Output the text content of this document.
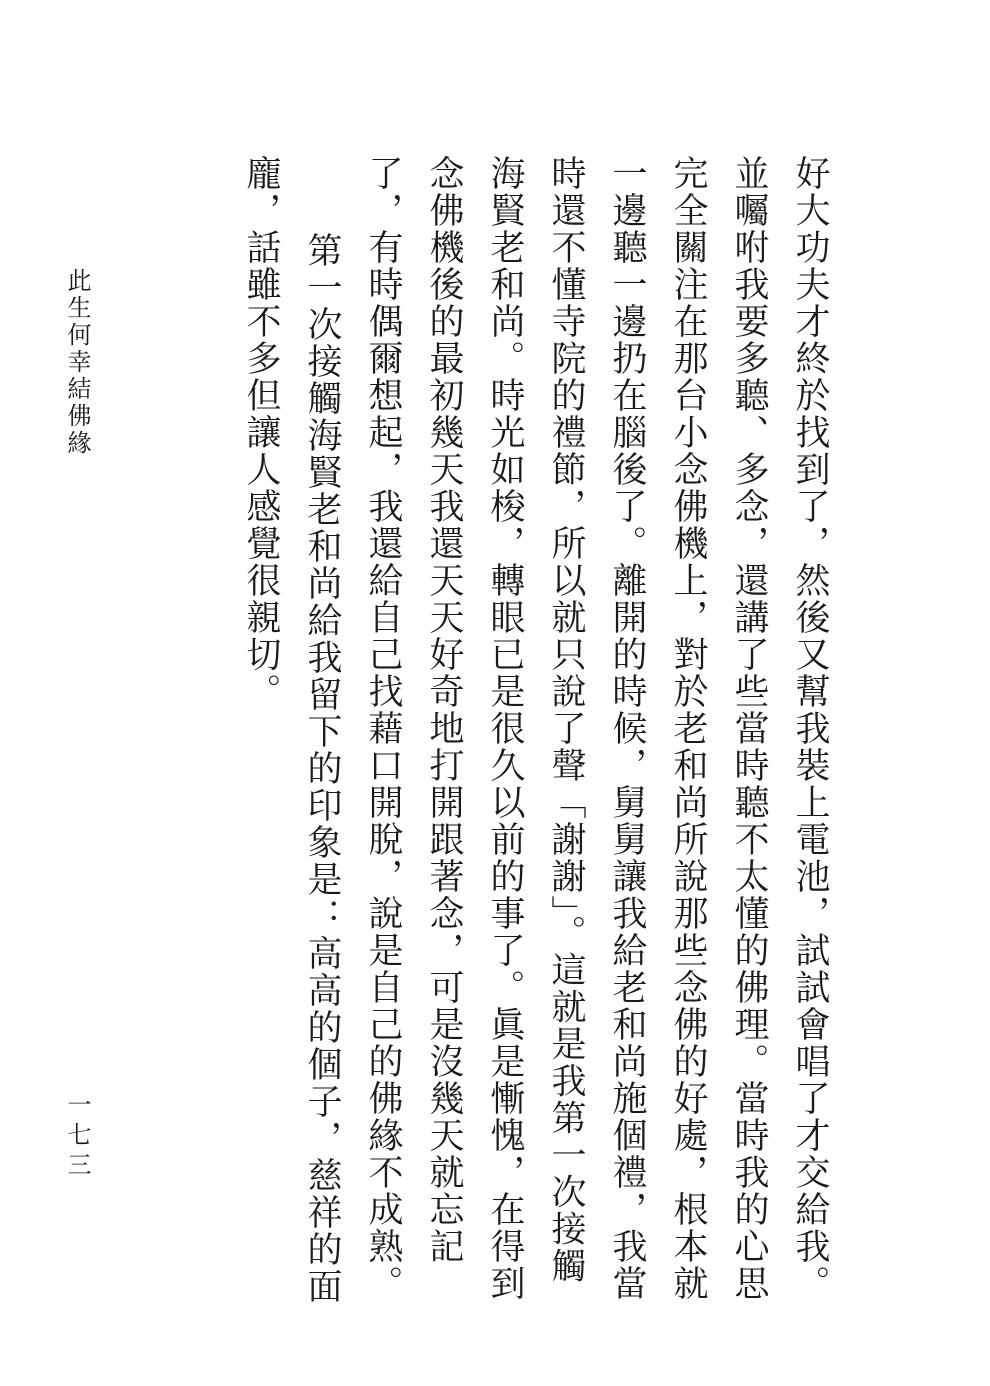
好大功夫才終於找到了，然後又幫我裝上電池，試試會唱了才交給我。並囑咐我要多聽、多念，還講了些當時聽不太懂的佛理。當時我的心思完全關注在那台小念佛機上，對於老和尚所說那些念佛的好處，根本就一邊聽一邊扔在腦後了。離開的時候，舅舅讓我給老和尚施個禮，我當時還不懂寺院的禮節，所以就只說了聲「謝謝」。這就是我第一次接觸海賢老和尚。時光如梭，轉眼已是很久以前的事了。眞是慚愧，在得到念佛機後的最初幾天我還天天好奇地打開跟著念，可是沒幾天就忘記了，有時偶爾想起，我還給自己找藉口開脫，說是自己的佛緣不成熟。

第一次接觸海賢老和尚給我留下的印象是：高高的個子，慈祥的面龐，話雖不多但讓人感覺很親切。

此生何幸結佛緣
一七三
